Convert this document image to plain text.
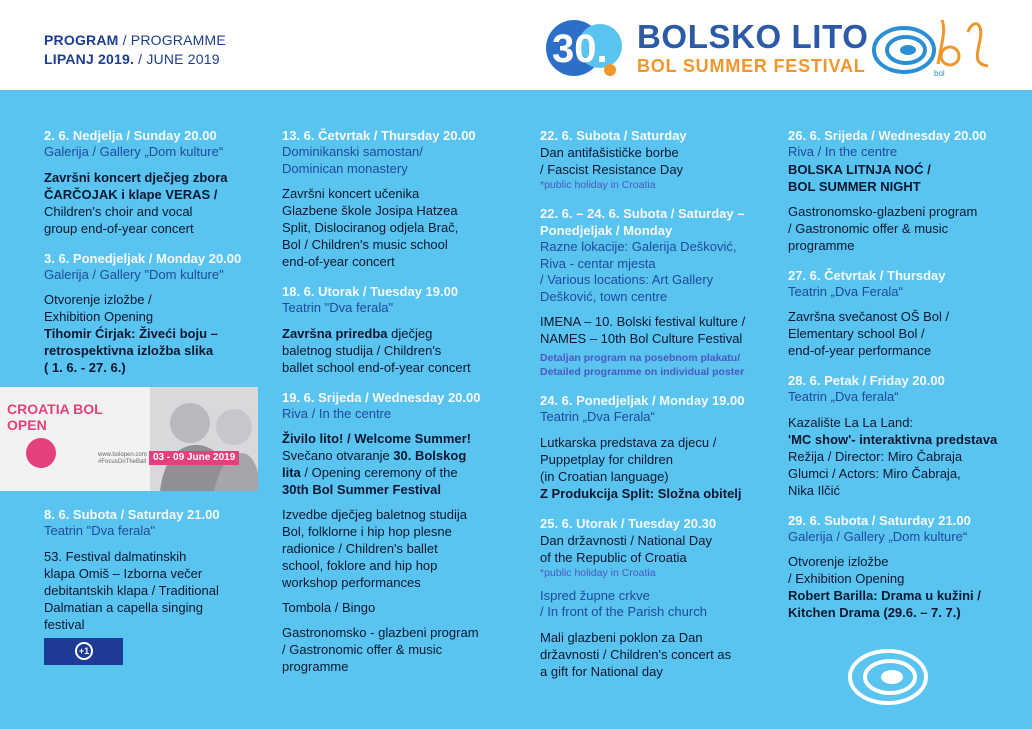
PROGRAM / PROGRAMME
LIPANJ 2019. / JUNE 2019	30. BOLSKO LITO
BOL SUMMER FESTIVAL	bol
2. 6. Nedjelja / Sunday 20.00
Galerija / Gallery „Dom kulture“
Završni koncert dječjeg zbora
ČARČOJAK i klape VERAS /
Children's choir and vocal
group end-of-year concert
3. 6. Ponedjeljak / Monday 20.00
Galerija / Gallery "Dom kulture"
Otvorenje izložbe /
Exhibition Opening
Tihomir Ćirjak: Živeći boju –
retrospektivna izložba slika
( 1. 6. - 27. 6.)
CROATIA BOL
OPEN
www.bolopen.com
#FocusOnTheBall 03 - 09 June 2019
8. 6. Subota / Saturday 21.00
Teatrin "Dva ferala"
53. Festival dalmatinskih
klapa Omiš – Izborna večer
debitantskih klapa / Traditional
Dalmatian a capella singing
festival
+1
13. 6. Četvrtak / Thursday 20.00
Dominikanski samostan/
Dominican monastery
Završni koncert učenika
Glazbene škole Josipa Hatzea
Split, Dislociranog odjela Brač,
Bol / Children's music school
end-of-year concert
18. 6. Utorak / Tuesday 19.00
Teatrin "Dva ferala"
Završna priredba dječjeg
baletnog studija / Children's
ballet school end-of-year concert
19. 6. Srijeda / Wednesday 20.00
Riva / In the centre
Živilo lito! / Welcome Summer!
Svečano otvaranje 30. Bolskog
lita / Opening ceremony of the
30th Bol Summer Festival
Izvedbe dječjeg baletnog studija
Bol, folklorne i hip hop plesne
radionice / Children's ballet
school, foklore and hip hop
workshop performances
Tombola / Bingo
Gastronomsko - glazbeni program
/ Gastronomic offer & music
programme
22. 6. Subota / Saturday
Dan antifašističke borbe
/ Fascist Resistance Day
*public holiday in Croatia
22. 6. – 24. 6. Subota / Saturday –
Ponedjeljak / Monday
Razne lokacije: Galerija Dešković,
Riva - centar mjesta
/ Various locations: Art Gallery
Dešković, town centre
IMENA – 10. Bolski festival kulture /
NAMES – 10th Bol Culture Festival
Detaljan program na posebnom plakatu/
Detailed programme on individual poster
24. 6. Ponedjeljak / Monday 19.00
Teatrin „Dva Ferala“
Lutkarska predstava za djecu /
Puppetplay for children
(in Croatian language)
Z Produkcija Split: Složna obitelj
25. 6. Utorak / Tuesday 20.30
Dan državnosti / National Day
of the Republic of Croatia
*public holiday in Croatia
Ispred župne crkve
/ In front of the Parish church
Mali glazbeni poklon za Dan
državnosti / Children's concert as
a gift for National day
26. 6. Srijeda / Wednesday 20.00
Riva / In the centre
BOLSKA LITNJA NOĆ /
BOL SUMMER NIGHT
Gastronomsko-glazbeni program
/ Gastronomic offer & music
programme
27. 6. Četvrtak / Thursday
Teatrin „Dva Ferala“
Završna svečanost OŠ Bol /
Elementary school Bol /
end-of-year performance
28. 6. Petak / Friday 20.00
Teatrin „Dva ferala“
Kazalište La La Land:
'MC show'- interaktivna predstava
Režija / Director: Miro Čabraja
Glumci / Actors: Miro Čabraja,
Nika Ilčić
29. 6. Subota / Saturday 21.00
Galerija / Gallery „Dom kulture“
Otvorenje izložbe
/ Exhibition Opening
Robert Barilla: Drama u kužini /
Kitchen Drama (29.6. – 7. 7.)
